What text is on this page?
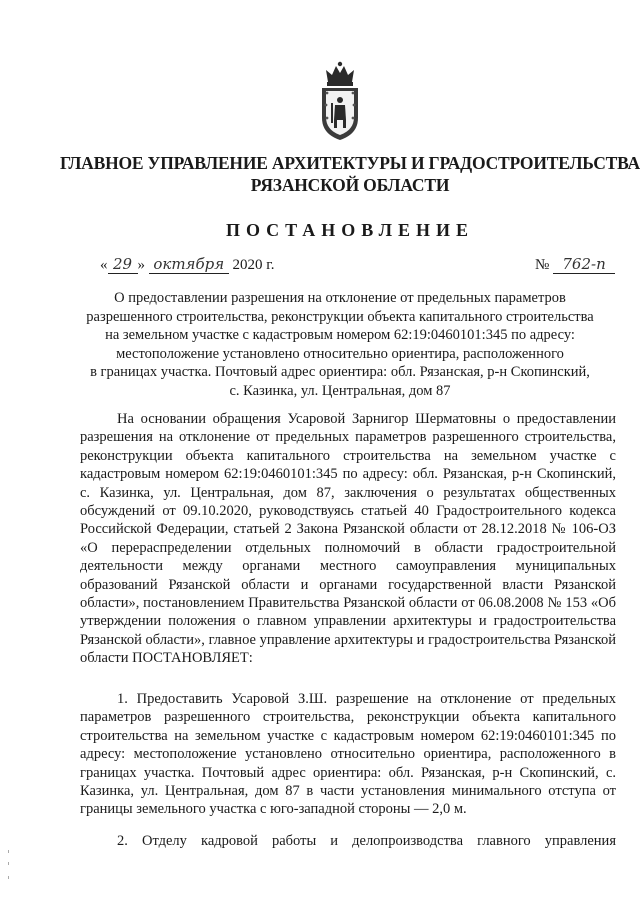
ГЛАВНОЕ УПРАВЛЕНИЕ АРХИТЕКТУРЫ И ГРАДОСТРОИТЕЛЬСТВА
РЯЗАНСКОЙ ОБЛАСТИ
ПОСТАНОВЛЕНИЕ
« 29 » октября 2020 г.	№ 762-п
О предоставлении разрешения на отклонение от предельных параметров
разрешенного строительства, реконструкции объекта капитального строительства
на земельном участке с кадастровым номером 62:19:0460101:345 по адресу:
местоположение установлено относительно ориентира, расположенного
в границах участка. Почтовый адрес ориентира: обл. Рязанская, р-н Скопинский,
с. Казинка, ул. Центральная, дом 87
На основании обращения Усаровой Зарнигор Шерматовны о предоставлении разрешения на отклонение от предельных параметров разрешенного строительства, реконструкции объекта капитального строительства на земельном участке с кадастровым номером 62:19:0460101:345 по адресу: обл. Рязанская, р-н Скопинский, с. Казинка, ул. Центральная, дом 87, заключения о результатах общественных обсуждений от 09.10.2020, руководствуясь статьей 40 Градостроительного кодекса Российской Федерации, статьей 2 Закона Рязанской области от 28.12.2018 № 106-ОЗ «О перераспределении отдельных полномочий в области градостроительной деятельности между органами местного самоуправления муниципальных образований Рязанской области и органами государственной власти Рязанской области», постановлением Правительства Рязанской области от 06.08.2008 № 153 «Об утверждении положения о главном управлении архитектуры и градостроительства Рязанской области», главное управление архитектуры и градостроительства Рязанской области ПОСТАНОВЛЯЕТ:
1. Предоставить Усаровой З.Ш. разрешение на отклонение от предельных параметров разрешенного строительства, реконструкции объекта капитального строительства на земельном участке с кадастровым номером 62:19:0460101:345 по адресу: местоположение установлено относительно ориентира, расположенного в границах участка. Почтовый адрес ориентира: обл. Рязанская, р-н Скопинский, с. Казинка, ул. Центральная, дом 87 в части установления минимального отступа от границы земельного участка с юго-западной стороны — 2,0 м.
2. Отделу кадровой работы и делопроизводства главного управления
